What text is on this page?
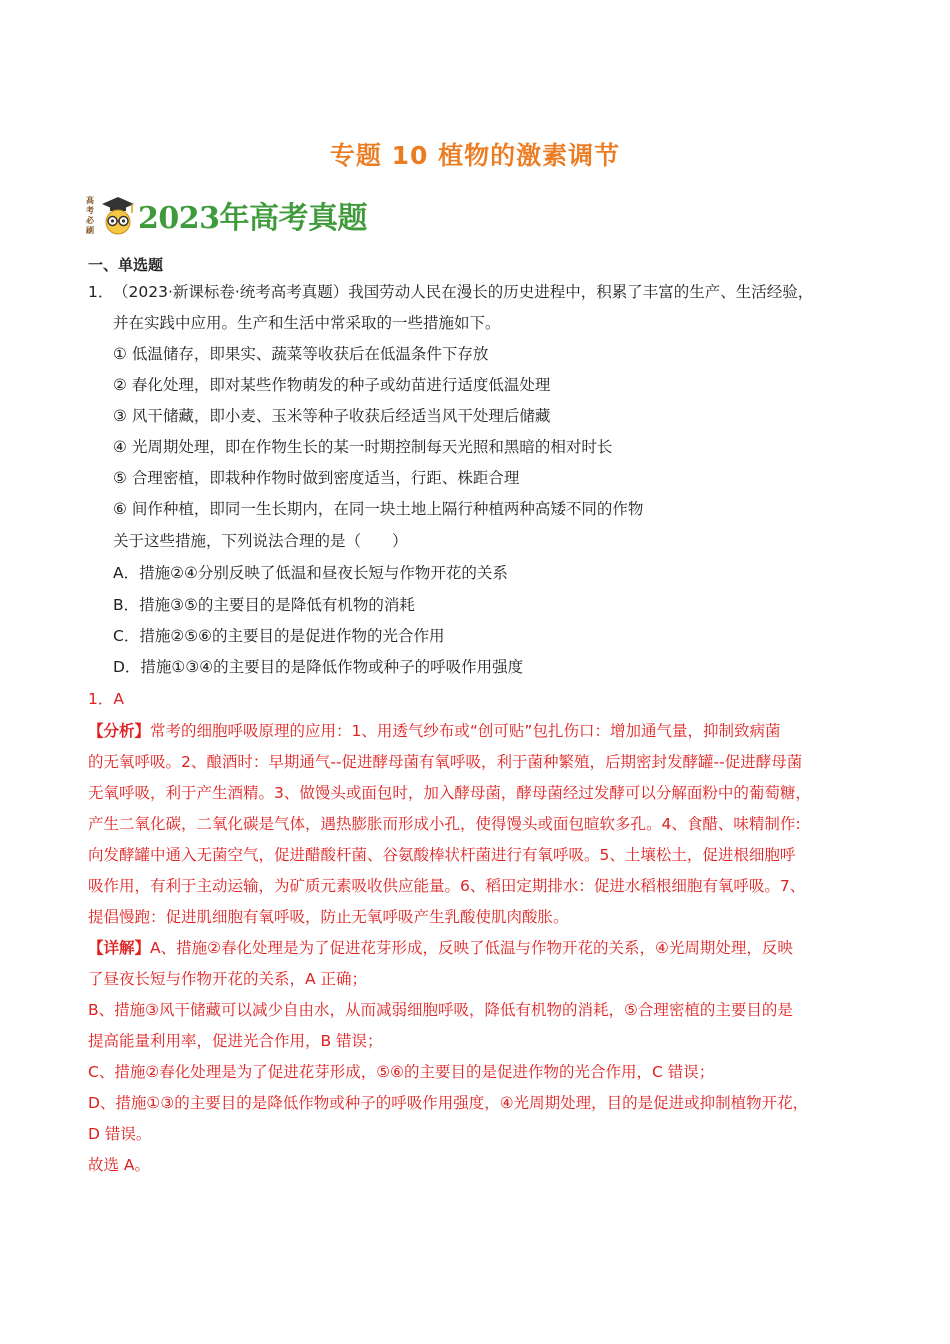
专题 10 植物的激素调节
高考必刷 2023年高考真题
一、单选题
1． （2023·新课标卷·统考高考真题）我国劳动人民在漫长的历史进程中，积累了丰富的生产、生活经验，
并在实践中应用。生产和生活中常采取的一些措施如下。
① 低温储存，即果实、蔬菜等收获后在低温条件下存放
② 春化处理，即对某些作物萌发的种子或幼苗进行适度低温处理
③ 风干储藏，即小麦、玉米等种子收获后经适当风干处理后储藏
④ 光周期处理，即在作物生长的某一时期控制每天光照和黑暗的相对时长
⑤ 合理密植，即栽种作物时做到密度适当，行距、株距合理
⑥ 间作种植，即同一生长期内，在同一块土地上隔行种植两种高矮不同的作物
关于这些措施，下列说法合理的是（　　）
A．措施②④分别反映了低温和昼夜长短与作物开花的关系
B．措施③⑤的主要目的是降低有机物的消耗
C．措施②⑤⑥的主要目的是促进作物的光合作用
D．措施①③④的主要目的是降低作物或种子的呼吸作用强度
1．A
【分析】常考的细胞呼吸原理的应用：1、用透气纱布或“创可贴”包扎伤口：增加通气量，抑制致病菌
的无氧呼吸。2、酿酒时：早期通气--促进酵母菌有氧呼吸，利于菌种繁殖，后期密封发酵罐--促进酵母菌
无氧呼吸，利于产生酒精。3、做馒头或面包时，加入酵母菌，酵母菌经过发酵可以分解面粉中的葡萄糖，
产生二氧化碳，二氧化碳是气体，遇热膨胀而形成小孔，使得馒头或面包暄软多孔。4、食醋、味精制作:
向发酵罐中通入无菌空气，促进醋酸杆菌、谷氨酸棒状杆菌进行有氧呼吸。5、土壤松土，促进根细胞呼
吸作用，有利于主动运输，为矿质元素吸收供应能量。6、稻田定期排水：促进水稻根细胞有氧呼吸。7、
提倡慢跑：促进肌细胞有氧呼吸，防止无氧呼吸产生乳酸使肌肉酸胀。
【详解】A、措施②春化处理是为了促进花芽形成，反映了低温与作物开花的关系，④光周期处理，反映
了昼夜长短与作物开花的关系，A 正确；
B、措施③风干储藏可以减少自由水，从而减弱细胞呼吸，降低有机物的消耗，⑤合理密植的主要目的是
提高能量利用率，促进光合作用，B 错误；
C、措施②春化处理是为了促进花芽形成，⑤⑥的主要目的是促进作物的光合作用，C 错误；
D、措施①③的主要目的是降低作物或种子的呼吸作用强度，④光周期处理，目的是促进或抑制植物开花，
D 错误。
故选 A。
